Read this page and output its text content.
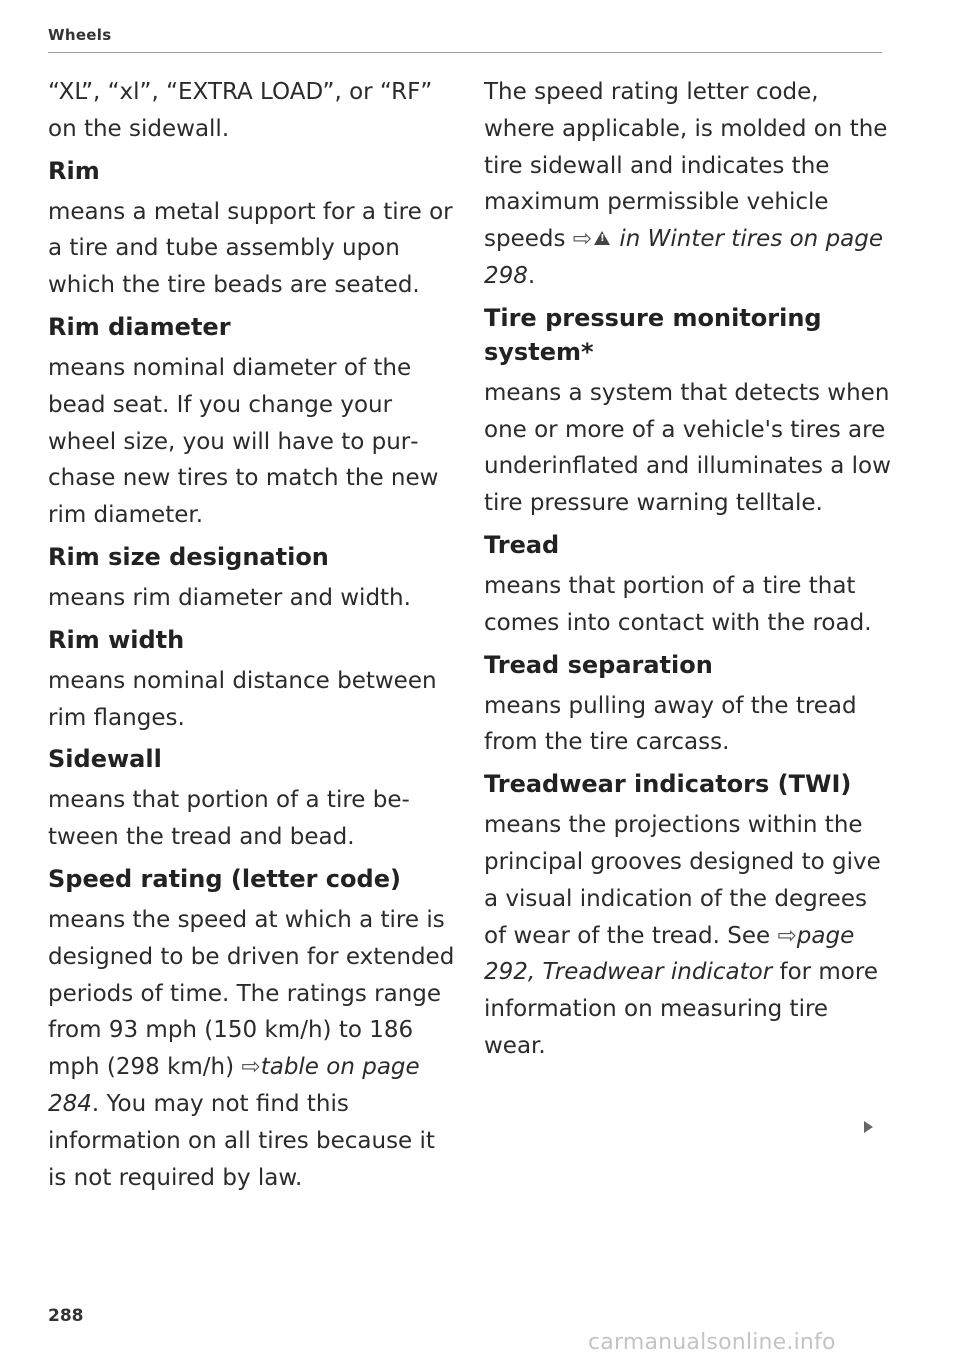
Wheels

“XL”, “xl”, “EXTRA LOAD”, or “RF” on the sidewall.

Rim

means a metal support for a tire or a tire and tube assembly upon which the tire beads are seated.

Rim diameter

means nominal diameter of the bead seat. If you change your wheel size, you will have to purchase new tires to match the new rim diameter.

Rim size designation

means rim diameter and width.

Rim width

means nominal distance between rim flanges.

Sidewall

means that portion of a tire between the tread and bead.

Speed rating (letter code)

means the speed at which a tire is designed to be driven for extended periods of time. The ratings range from 93 mph (150 km/h) to 186 mph (298 km/h) ⇨table on page 284. You may not find this information on all tires because it is not required by law.

The speed rating letter code, where applicable, is molded on the tire sidewall and indicates the maximum permissible vehicle speeds ⇨! in Winter tires on page 298.

Tire pressure monitoring system*

means a system that detects when one or more of a vehicle's tires are underinflated and illuminates a low tire pressure warning telltale.

Tread

means that portion of a tire that comes into contact with the road.

Tread separation

means pulling away of the tread from the tire carcass.

Treadwear indicators (TWI)

means the projections within the principal grooves designed to give a visual indication of the degrees of wear of the tread. See ⇨page 292, Treadwear indicator for more information on measuring tire wear.

288
carmanualsonline.info
